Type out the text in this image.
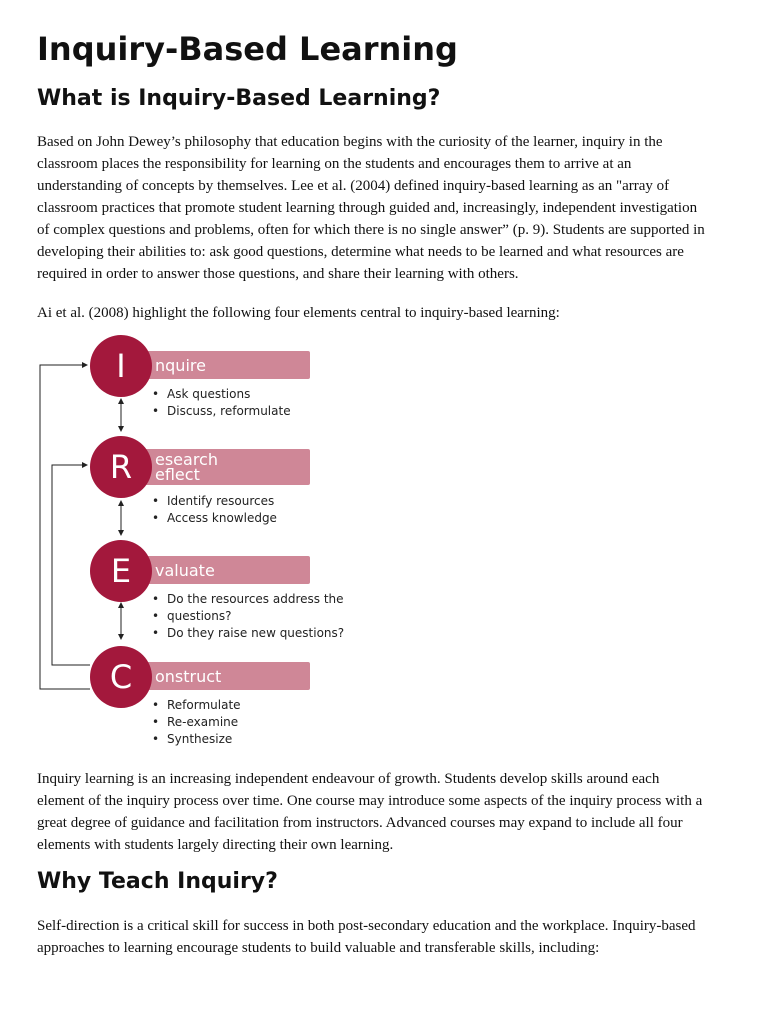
Inquiry-Based Learning
What is Inquiry-Based Learning?

Based on John Dewey’s philosophy that education begins with the curiosity of the learner, inquiry in the
classroom places the responsibility for learning on the students and encourages them to arrive at an
understanding of concepts by themselves. Lee et al. (2004) defined inquiry-based learning as an "array of
classroom practices that promote student learning through guided and, increasingly, independent investigation
of complex questions and problems, often for which there is no single answer” (p. 9). Students are supported in
developing their abilities to: ask good questions, determine what needs to be learned and what resources are
required in order to answer those questions, and share their learning with others.

Ai et al. (2008) highlight the following four elements central to inquiry-based learning:

nquire
I
• Ask questions
• Discuss, reformulate
esearch
eflect
R
• Identify resources
• Access knowledge
valuate
E
• Do the resources address the
• questions?
• Do they raise new questions?
onstruct
C
• Reformulate
• Re-examine
• Synthesize

Inquiry learning is an increasing independent endeavour of growth. Students develop skills around each
element of the inquiry process over time. One course may introduce some aspects of the inquiry process with a
great degree of guidance and facilitation from instructors. Advanced courses may expand to include all four
elements with students largely directing their own learning.

Why Teach Inquiry?

Self-direction is a critical skill for success in both post-secondary education and the workplace. Inquiry-based
approaches to learning encourage students to build valuable and transferable skills, including:
